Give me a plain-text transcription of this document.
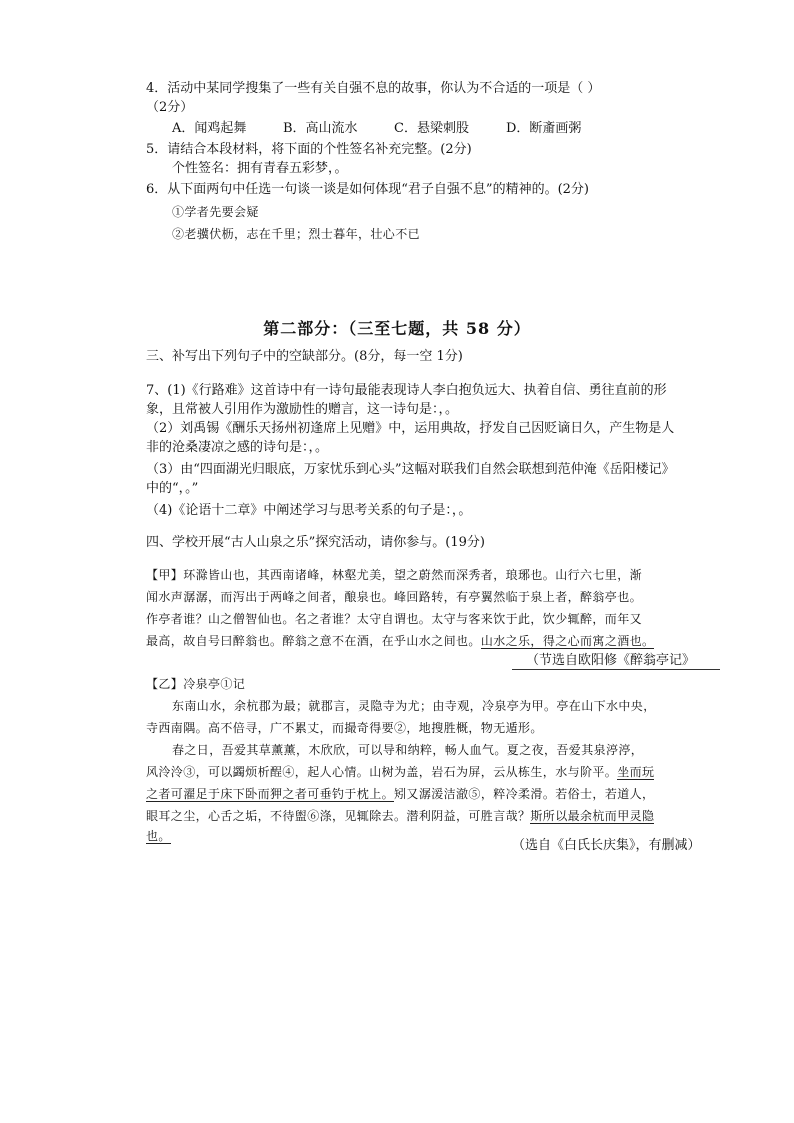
4．活动中某同学搜集了一些有关自强不息的故事，你认为不合适的一项是（ ）
（2分）
A．闻鸡起舞	B．高山流水	C．悬梁刺股	D．断齑画粥
5．请结合本段材料，将下面的个性签名补充完整。(2分)
个性签名：拥有青春五彩梦，。
6．从下面两句中任选一句谈一谈是如何体现“君子自强不息”的精神的。(2分)
①学者先要会疑
②老骥伏枥，志在千里；烈士暮年，壮心不已
第二部分：（三至七题，共 58 分）
三、补写出下列句子中的空缺部分。(8分，每一空 1分)
7、(1)《行路难》这首诗中有一诗句最能表现诗人李白抱负远大、执着自信、勇往直前的形
象，且常被人引用作为激励性的赠言，这一诗句是：，。
（2）刘禹锡《酬乐天扬州初逢席上见赠》中，运用典故，抒发自己因贬谪日久，产生物是人
非的沧桑凄凉之感的诗句是：，。
（3）由“四面湖光归眼底，万家忧乐到心头”这幅对联我们自然会联想到范仲淹《岳阳楼记》
中的“，。”
（4)《论语十二章》中阐述学习与思考关系的句子是：，。
四、学校开展“古人山泉之乐”探究活动，请你参与。(19分)
【甲】环滁皆山也，其西南诸峰，林壑尤美，望之蔚然而深秀者，琅琊也。山行六七里，渐
闻水声潺潺，而泻出于两峰之间者，酿泉也。峰回路转，有亭翼然临于泉上者，醉翁亭也。
作亭者谁？山之僧智仙也。名之者谁？太守自谓也。太守与客来饮于此，饮少辄醉，而年又
最高，故自号曰醉翁也。醉翁之意不在酒，在乎山水之间也。山水之乐，得之心而寓之酒也。
（节选自欧阳修《醉翁亭记》
【乙】冷泉亭①记
东南山水，余杭郡为最；就郡言，灵隐寺为尤；由寺观，冷泉亭为甲。亭在山下水中央，
寺西南隅。高不倍寻，广不累丈，而撮奇得要②，地搜胜概，物无遁形。
春之日，吾爱其草薰薰，木欣欣，可以导和纳粹，畅人血气。夏之夜，吾爱其泉渟渟，
风泠泠③，可以蠲烦析酲④，起人心情。山树为盖，岩石为屏，云从栋生，水与阶平。坐而玩
之者可濯足于床下卧而狎之者可垂钓于枕上。矧又潺湲洁澈⑤，粹冷柔滑。若俗士，若道人，
眼耳之尘，心舌之垢，不待盥⑥涤，见辄除去。潜利阴益，可胜言哉？斯所以最余杭而甲灵隐
也。
（选自《白氏长庆集》，有删减）
